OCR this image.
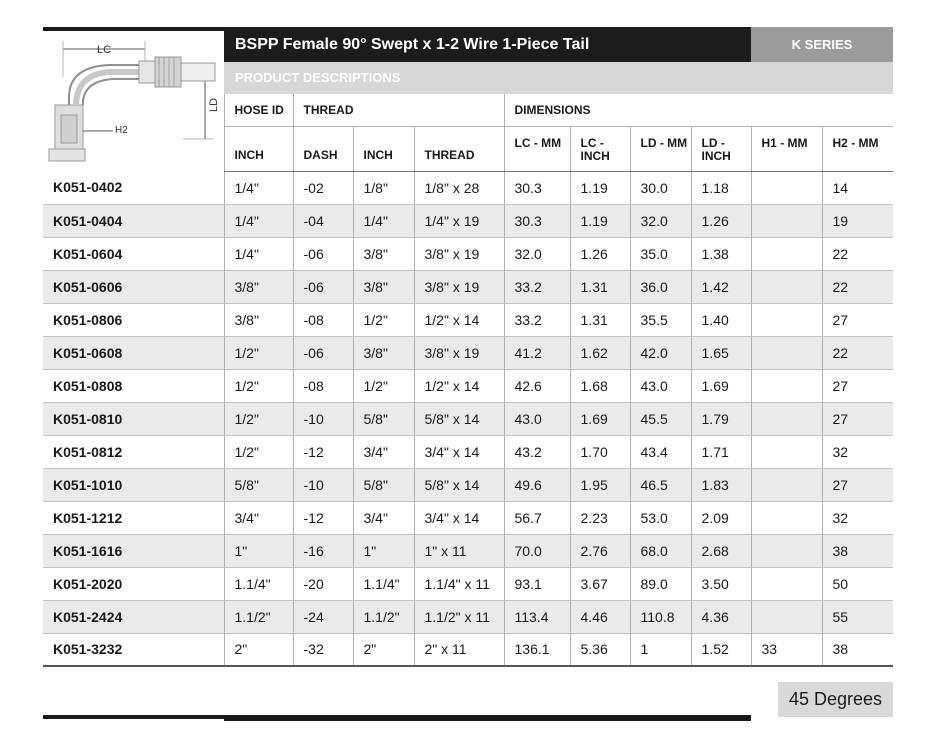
LC
LD
H2
BSPP Female 90° Swept x 1-2 Wire 1-Piece Tail	K SERIES
PRODUCT DESCRIPTIONS
	HOSE ID	THREAD			DIMENSIONS					
	INCH	DASH	INCH	THREAD	LC - MM	LC - INCH	LD - MM	LD - INCH	H1 - MM	H2 - MM
K051-0402	1/4"	-02	1/8"	1/8" x 28	30.3	1.19	30.0	1.18		14
K051-0404	1/4"	-04	1/4"	1/4" x 19	30.3	1.19	32.0	1.26		19
K051-0604	1/4"	-06	3/8"	3/8" x 19	32.0	1.26	35.0	1.38		22
K051-0606	3/8"	-06	3/8"	3/8" x 19	33.2	1.31	36.0	1.42		22
K051-0806	3/8"	-08	1/2"	1/2" x 14	33.2	1.31	35.5	1.40		27
K051-0608	1/2"	-06	3/8"	3/8" x 19	41.2	1.62	42.0	1.65		22
K051-0808	1/2"	-08	1/2"	1/2" x 14	42.6	1.68	43.0	1.69		27
K051-0810	1/2"	-10	5/8"	5/8" x 14	43.0	1.69	45.5	1.79		27
K051-0812	1/2"	-12	3/4"	3/4" x 14	43.2	1.70	43.4	1.71		32
K051-1010	5/8"	-10	5/8"	5/8" x 14	49.6	1.95	46.5	1.83		27
K051-1212	3/4"	-12	3/4"	3/4" x 14	56.7	2.23	53.0	2.09		32
K051-1616	1"	-16	1"	1" x 11	70.0	2.76	68.0	2.68		38
K051-2020	1.1/4"	-20	1.1/4"	1.1/4" x 11	93.1	3.67	89.0	3.50		50
K051-2424	1.1/2"	-24	1.1/2"	1.1/2" x 11	113.4	4.46	110.8	4.36		55
K051-3232	2"	-32	2"	2" x 11	136.1	5.36	1	1.52	33	38
45 Degrees
